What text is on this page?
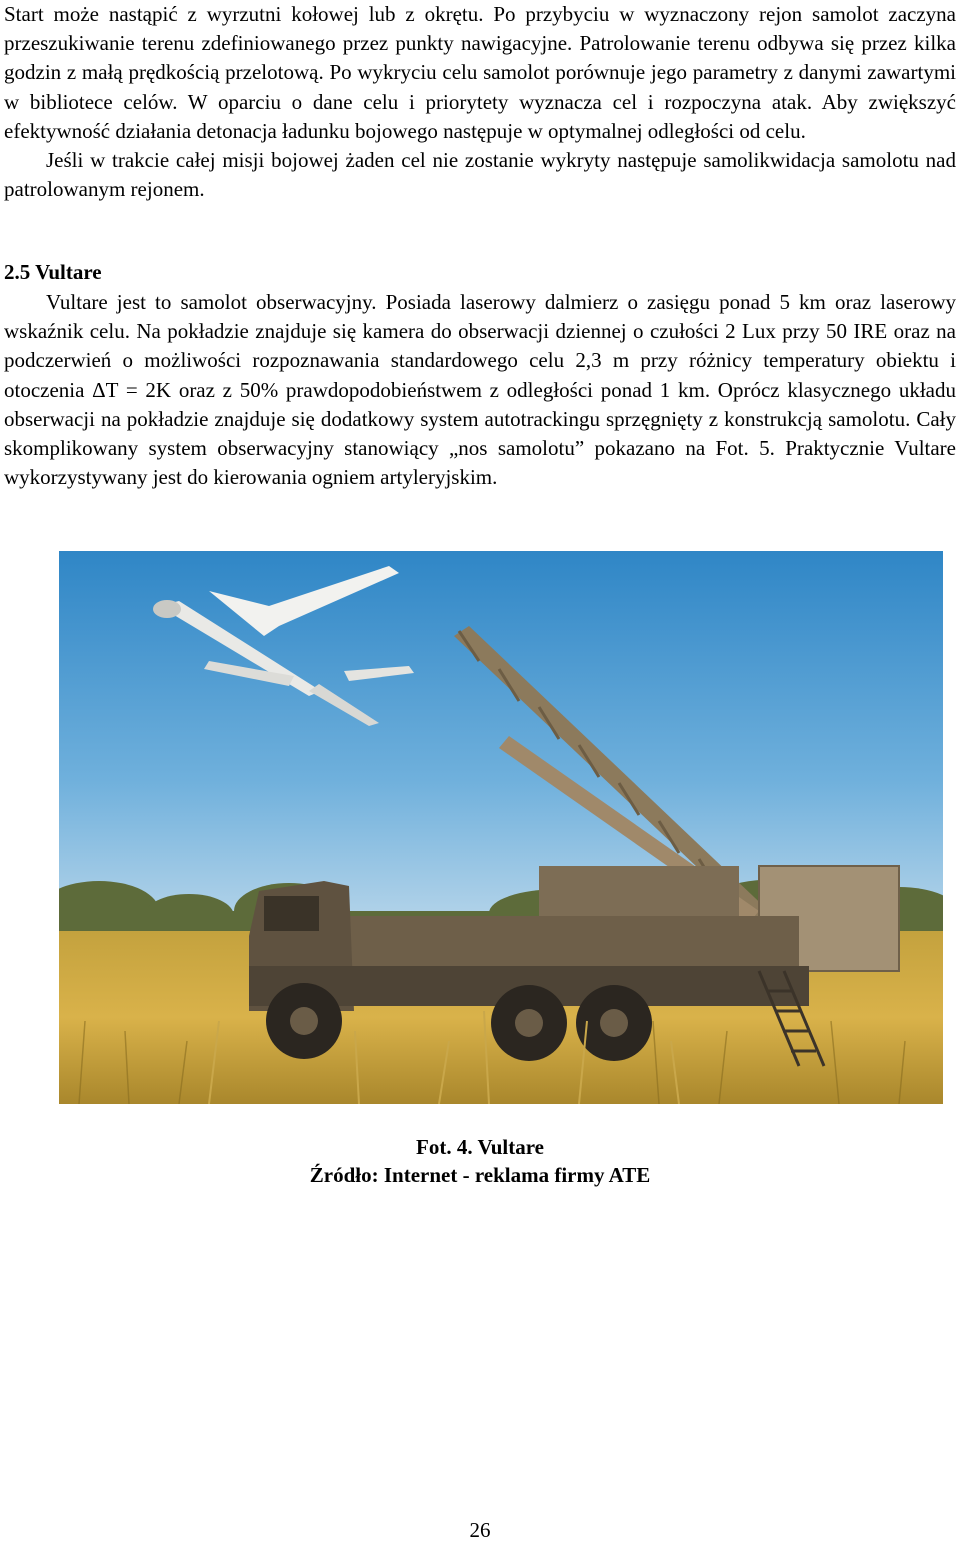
Start może nastąpić z wyrzutni kołowej lub z okrętu. Po przybyciu w wyznaczony rejon samolot zaczyna przeszukiwanie terenu zdefiniowanego przez punkty nawigacyjne. Patrolowanie terenu odbywa się przez kilka godzin z małą prędkością przelotową. Po wykryciu celu samolot porównuje jego parametry z danymi zawartymi w bibliotece celów. W oparciu o dane celu i priorytety wyznacza cel i rozpoczyna atak. Aby zwiększyć efektywność działania detonacja ładunku bojowego następuje w optymalnej odległości od celu.
Jeśli w trakcie całej misji bojowej żaden cel nie zostanie wykryty następuje samolikwidacja samolotu nad patrolowanym rejonem.

2.5 Vultare

Vultare jest to samolot obserwacyjny. Posiada laserowy dalmierz o zasięgu ponad 5 km oraz laserowy wskaźnik celu. Na pokładzie znajduje się kamera do obserwacji dziennej o czułości 2 Lux przy 50 IRE oraz na podczerwień o możliwości rozpoznawania standardowego celu 2,3 m przy różnicy temperatury obiektu i otoczenia ΔT = 2K oraz z 50% prawdopodobieństwem z odległości ponad 1 km. Oprócz klasycznego układu obserwacji na pokładzie znajduje się dodatkowy system autotrackingu sprzęgnięty z konstrukcją samolotu. Cały skomplikowany system obserwacyjny stanowiący „nos samolotu” pokazano na Fot. 5. Praktycznie Vultare wykorzystywany jest do kierowania ogniem artyleryjskim.

Fot. 4. Vultare

Źródło: Internet - reklama firmy ATE

26
